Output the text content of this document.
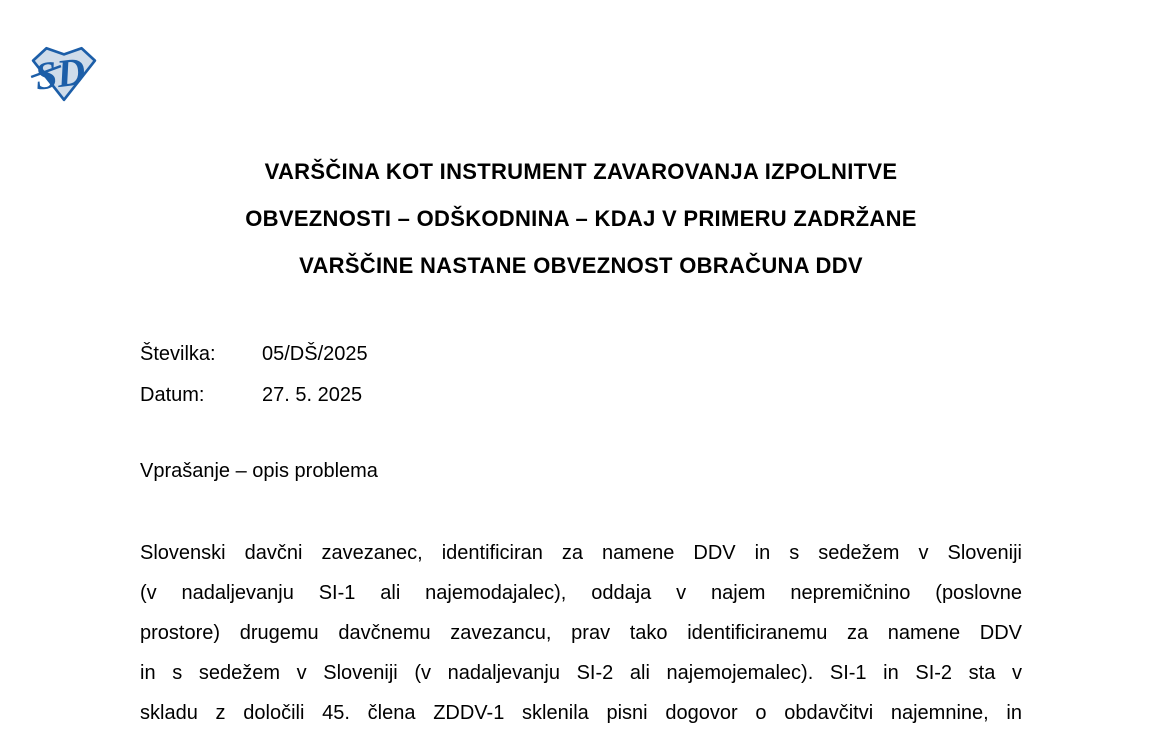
SD
VARŠČINA KOT INSTRUMENT ZAVAROVANJA IZPOLNITVE
OBVEZNOSTI – ODŠKODNINA – KDAJ V PRIMERU ZADRŽANE
VARŠČINE NASTANE OBVEZNOST OBRAČUNA DDV
Številka:	05/DŠ/2025
Datum:	27. 5. 2025
Vprašanje – opis problema
Slovenski davčni zavezanec, identificiran za namene DDV in s sedežem v Sloveniji
(v nadaljevanju SI-1 ali najemodajalec), oddaja v najem nepremičnino (poslovne
prostore) drugemu davčnemu zavezancu, prav tako identificiranemu za namene DDV
in s sedežem v Sloveniji (v nadaljevanju SI-2 ali najemojemalec). SI-1 in SI-2 sta v
skladu z določili 45. člena ZDDV-1 sklenila pisni dogovor o obdavčitvi najemnine, in
